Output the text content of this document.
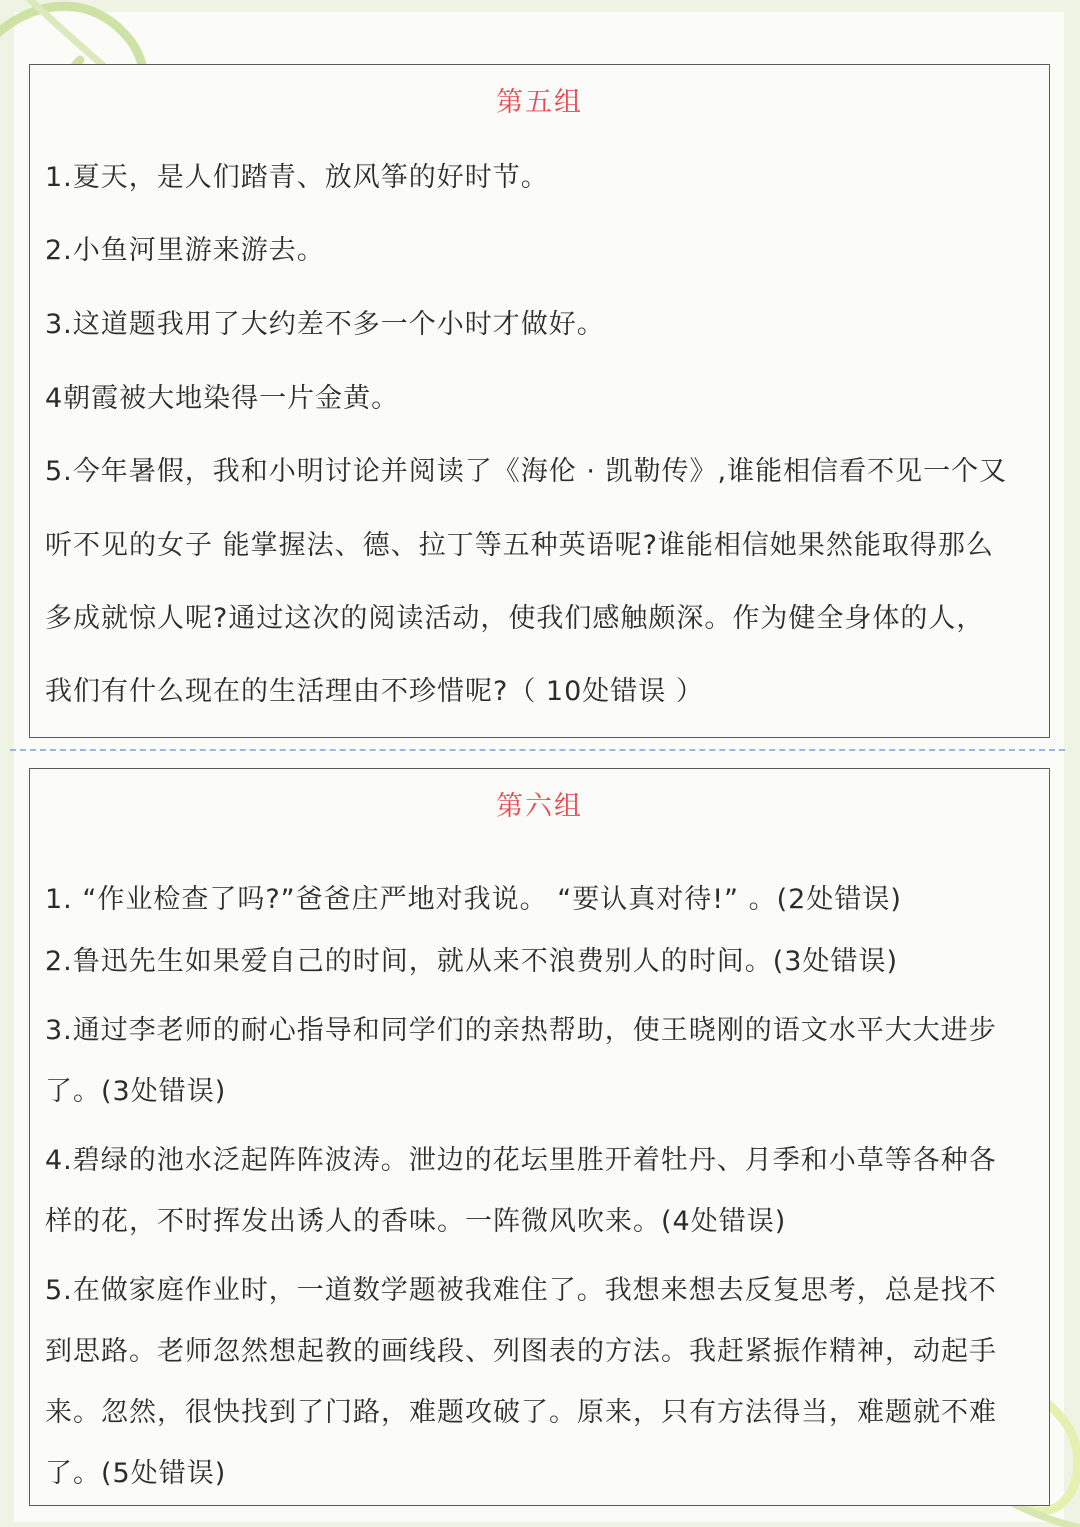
第五组
1.夏天，是人们踏青、放风筝的好时节。
2.小鱼河里游来游去。
3.这道题我用了大约差不多一个小时才做好。
4朝霞被大地染得一片金黄。
5.今年暑假，我和小明讨论并阅读了《海伦 · 凯勒传》,谁能相信看不见一个又
听不见的女子 能掌握法、德、拉丁等五种英语呢?谁能相信她果然能取得那么
多成就惊人呢?通过这次的阅读活动，使我们感触颇深。作为健全身体的人，
我们有什么现在的生活理由不珍惜呢?（ 10处错误 ）
第六组
1. “作业检查了吗?”爸爸庄严地对我说。 “要认真对待!” 。(2处错误)
2.鲁迅先生如果爱自己的时间，就从来不浪费别人的时间。(3处错误)
3.通过李老师的耐心指导和同学们的亲热帮助，使王晓刚的语文水平大大进步
了。(3处错误)
4.碧绿的池水泛起阵阵波涛。泄边的花坛里胜开着牡丹、月季和小草等各种各
样的花，不时挥发出诱人的香味。一阵微风吹来。(4处错误)
5.在做家庭作业时，一道数学题被我难住了。我想来想去反复思考，总是找不
到思路。老师忽然想起教的画线段、列图表的方法。我赶紧振作精神，动起手
来。忽然，很快找到了门路，难题攻破了。原来，只有方法得当，难题就不难
了。(5处错误)
